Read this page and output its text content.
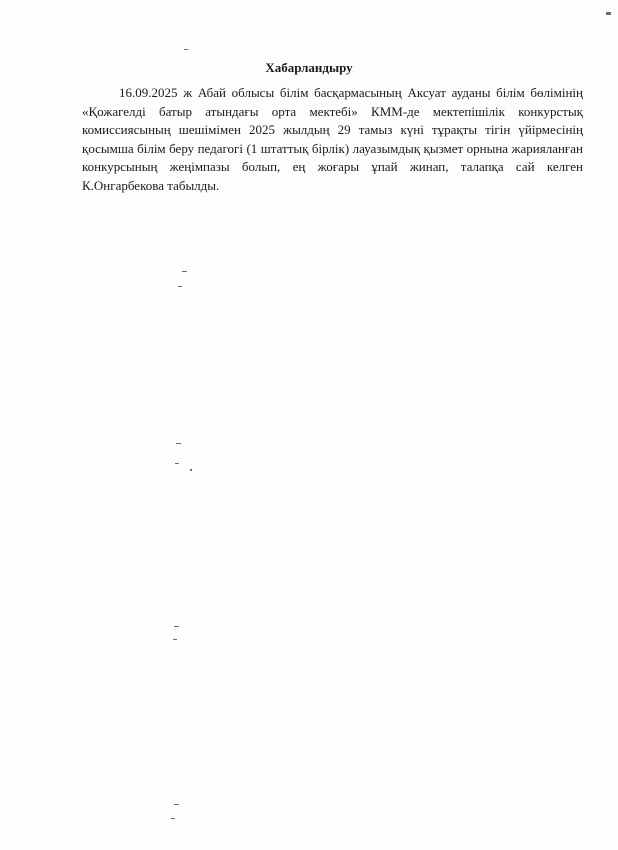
Хабарландыру

16.09.2025 ж Абай облысы білім басқармасының Аксуат ауданы білім бөлімінің «Қожагелді батыр атындағы орта мектебі» КММ-де мектепішілік конкурстық комиссиясының шешімімен 2025 жылдың 29 тамыз күні тұрақты тігін үйірмесінің қосымша білім беру педагогі (1 штаттық бірлік) лауазымдық қызмет орнына жарияланған конкурсының жеңімпазы болып, ең жоғары ұпай жинап, талапқа сай келген К.Онгарбекова табылды.
